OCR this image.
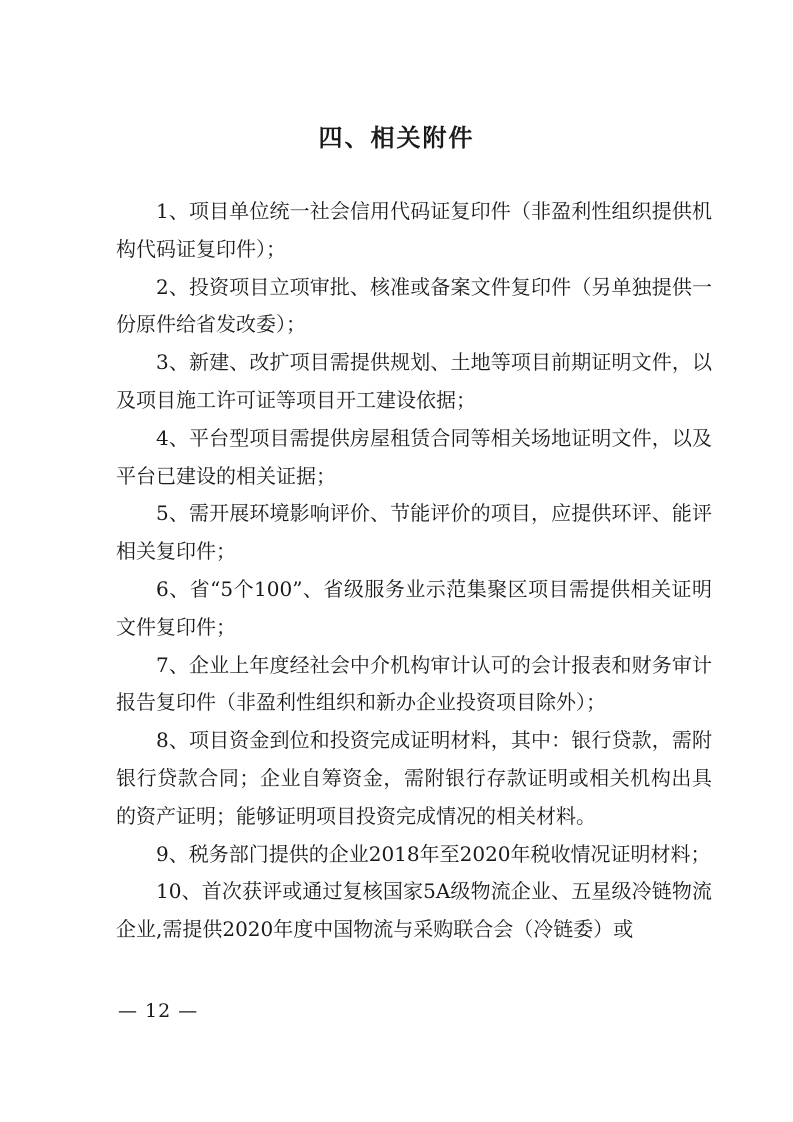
四、相关附件

1、项目单位统一社会信用代码证复印件（非盈利性组织提供机构代码证复印件）；

2、投资项目立项审批、核准或备案文件复印件（另单独提供一份原件给省发改委）；

3、新建、改扩项目需提供规划、土地等项目前期证明文件，以及项目施工许可证等项目开工建设依据；

4、平台型项目需提供房屋租赁合同等相关场地证明文件，以及平台已建设的相关证据；

5、需开展环境影响评价、节能评价的项目，应提供环评、能评相关复印件；

6、省“5个100”、省级服务业示范集聚区项目需提供相关证明文件复印件；

7、企业上年度经社会中介机构审计认可的会计报表和财务审计报告复印件（非盈利性组织和新办企业投资项目除外）；

8、项目资金到位和投资完成证明材料，其中：银行贷款，需附银行贷款合同；企业自筹资金，需附银行存款证明或相关机构出具的资产证明；能够证明项目投资完成情况的相关材料。

9、税务部门提供的企业2018年至2020年税收情况证明材料；

10、首次获评或通过复核国家5A级物流企业、五星级冷链物流企业,需提供2020年度中国物流与采购联合会（冷链委）或

— 12 —
